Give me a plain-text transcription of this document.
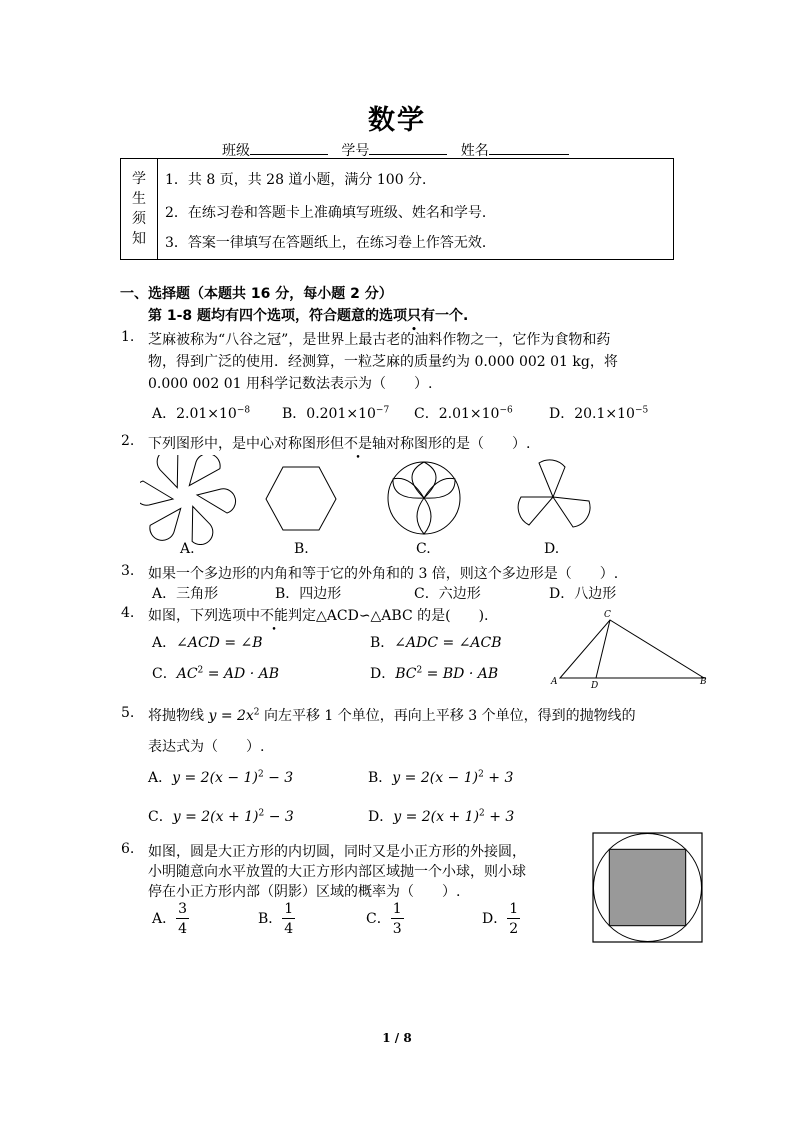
数学
班级	学号	姓名
学
生
须
知
1．共 8 页，共 28 道小题，满分 100 分．
2．在练习卷和答题卡上准确填写班级、姓名和学号．
3．答案一律填写在答题纸上，在练习卷上作答无效．
一、选择题（本题共 16 分，每小题 2 分）
第 1-8 题均有四个选项，符合题意的选项只有一个.
1. 芝麻被称为“八谷之冠”，是世界上最古老的油料作物之一，它作为食物和药
物，得到广泛的使用．经测算，一粒芝麻的质量约为 0.000 002 01 kg，将
0.000 002 01 用科学记数法表示为（　　）.
A．$2.01\times 10^{-8}$ B．$0.201\times 10^{-7}$ C．$2.01\times 10^{-6}$	D．$20.1\times 10^{-5}$
2. 下列图形中，是中心对称图形但不是轴对称图形的是（　　）.
A.	B.	C.	D.
3. 如果一个多边形的内角和等于它的外角和的 3 倍，则这个多边形是（　　）.
A．三角形	B．四边形	C．六边形	D．八边形
4. 如图，下列选项中不能判定△ACD∽△ABC 的是(　　).
A．∠ACD = ∠B	B．∠ADC = ∠ACB
C．$AC^2$ = AD · AB	D．$BC^2$ = BD · AB
C
A	D	B
5. 将抛物线 $y = 2x^2$ 向左平移 1 个单位，再向上平移 3 个单位，得到的抛物线的
表达式为（　　）.
A．$y = 2(x - 1)^2 - 3$	B．$y = 2(x - 1)^2 + 3$
C．$y = 2(x + 1)^2 - 3$	D．$y = 2(x + 1)^2 + 3$
6. 如图，圆是大正方形的内切圆，同时又是小正方形的外接圆，
小明随意向水平放置的大正方形内部区域抛一个小球，则小球
停在小正方形内部（阴影）区域的概率为（　　）.
A． $\frac{3}{4}$	B． $\frac{1}{4}$	C． $\frac{1}{3}$	D． $\frac{1}{2}$
1 / 8
